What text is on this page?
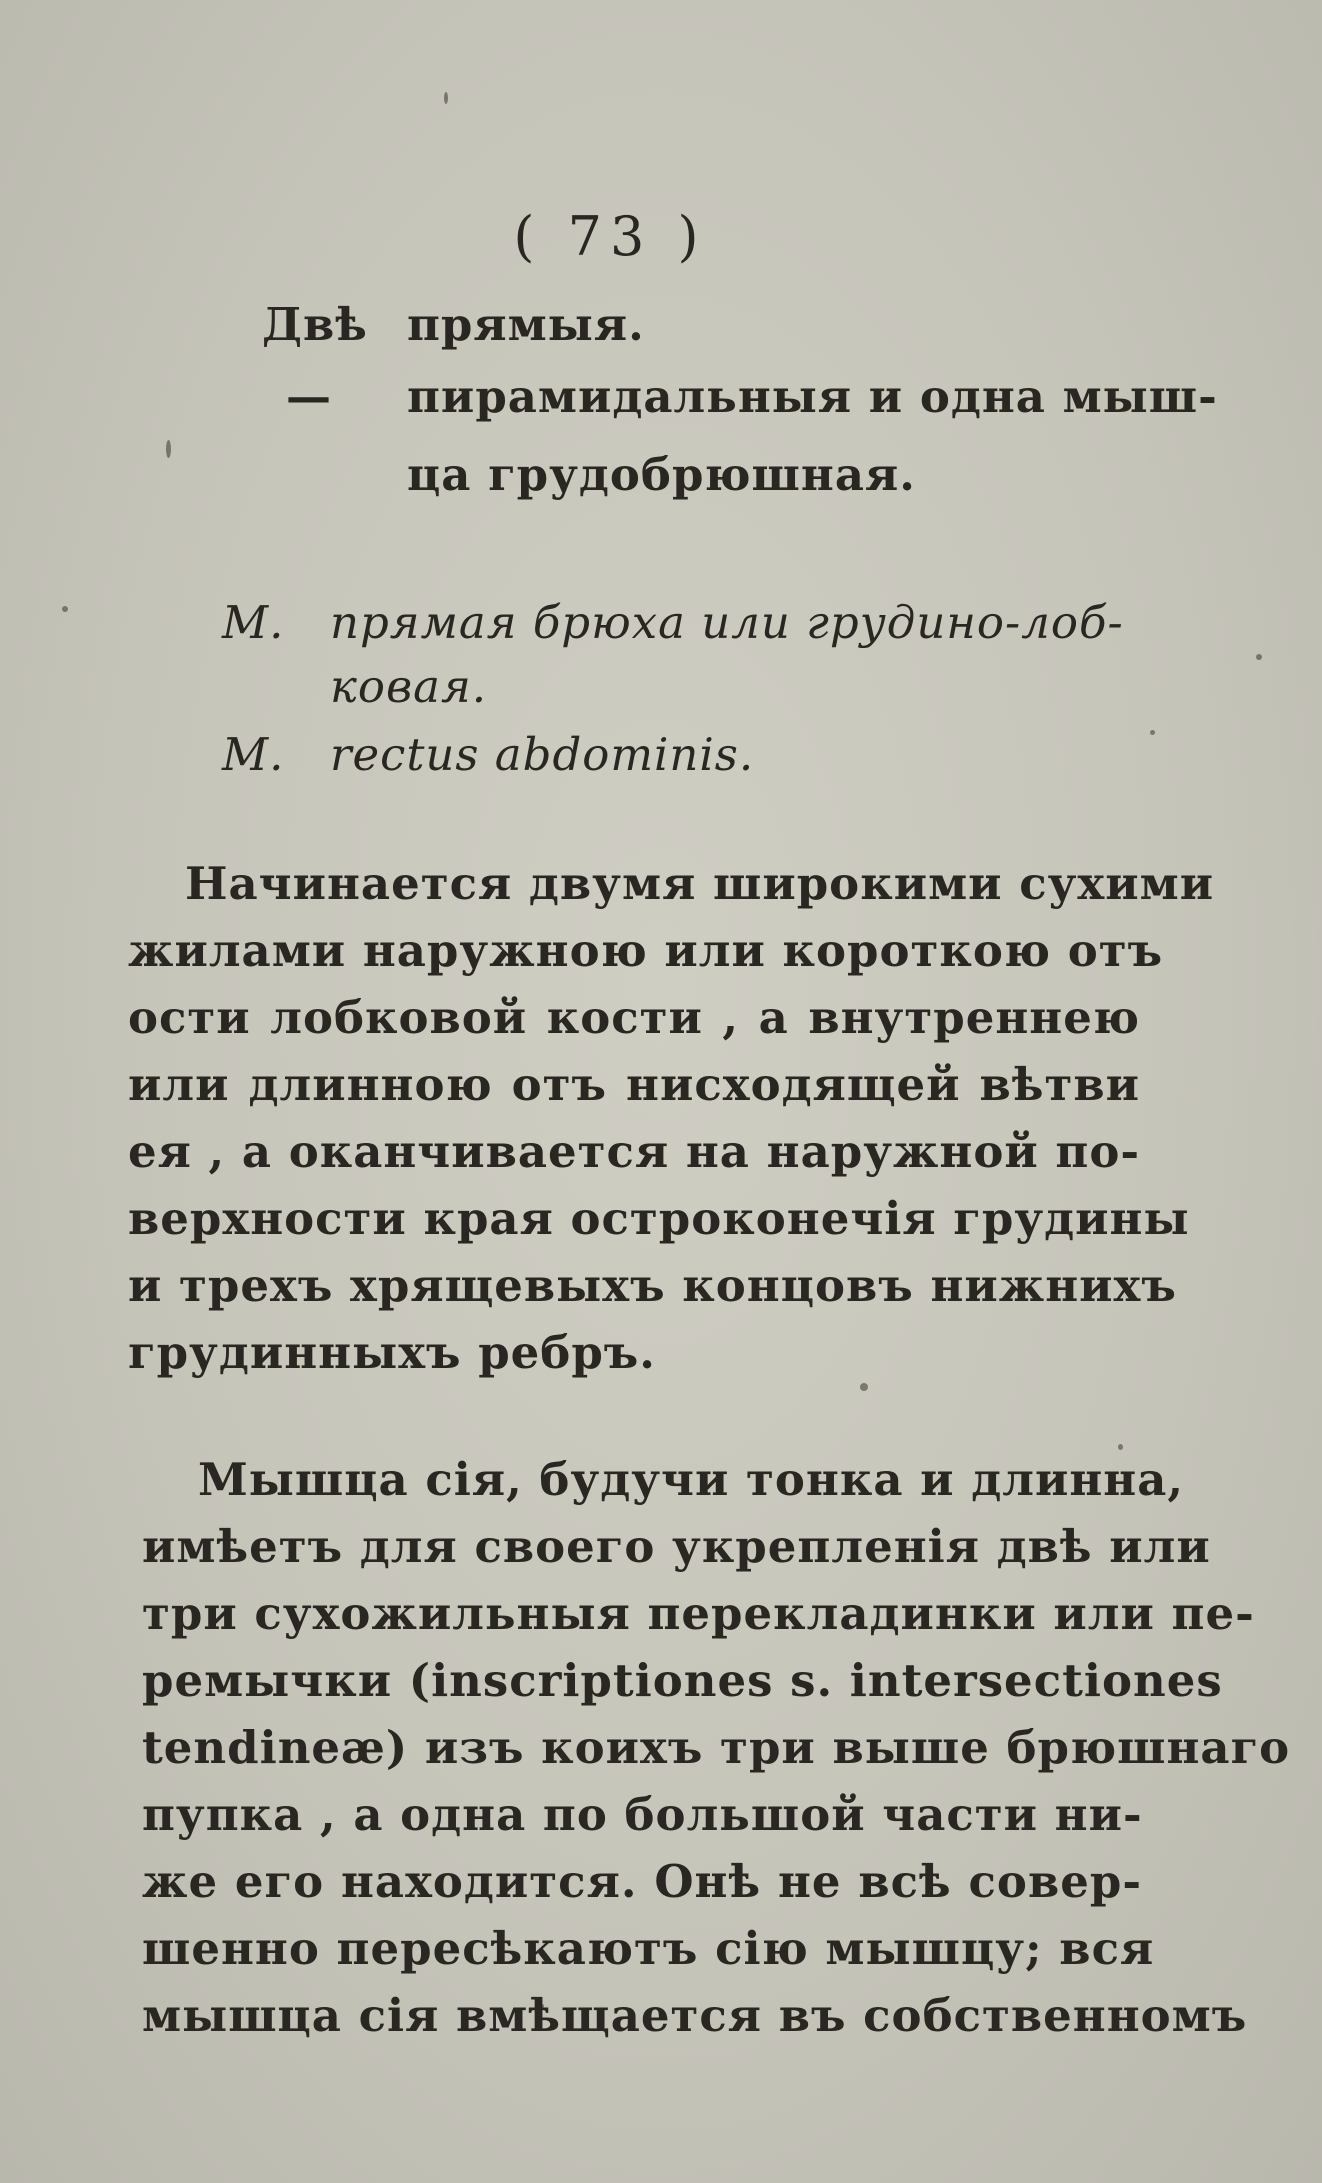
( 73 )
Двѣ прямыя.
— пирамидальныя и одна мыш-
ца грудобрюшная.
М. прямая брюха или грудино-лоб-
ковая.
M. rectus abdominis.
Начинается двумя широкими сухими
жилами наружною или короткою отъ
ости лобковой кости , а внутреннею
или длинною отъ нисходящей вѣтви
ея , а оканчивается на наружной по-
верхности края остроконечія грудины
и трехъ хрящевыхъ концовъ нижнихъ
грудинныхъ ребръ.
Мышца сія, будучи тонка и длинна,
имѣетъ для своего укрепленія двѣ или
три сухожильныя перекладинки или пе-
ремычки (inscriptiones s. intersectiones
tendineæ) изъ коихъ три выше брюшнаго
пупка , а одна по большой части ни-
же его находится. Онѣ не всѣ совер-
шенно пересѣкаютъ сію мышцу; вся
мышца сія вмѣщается въ собственномъ
